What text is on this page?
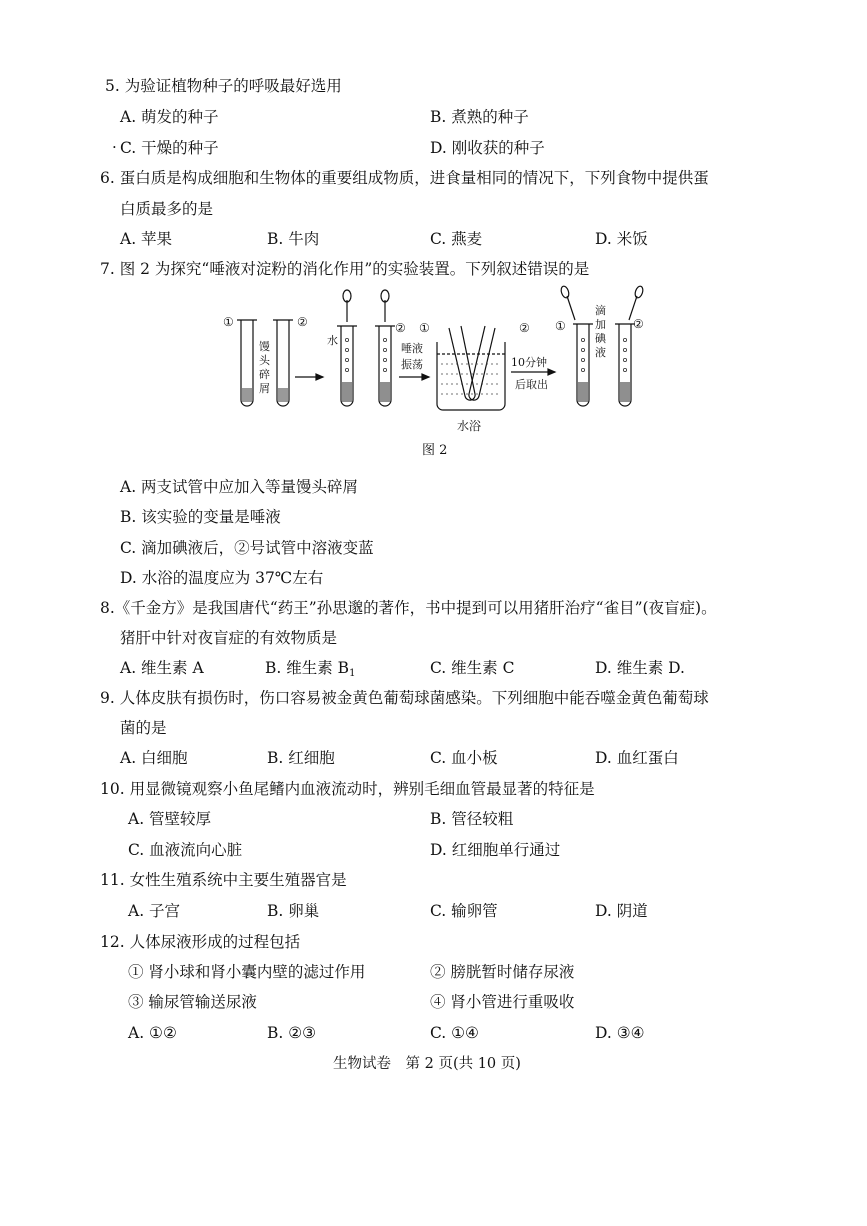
5. 为验证植物种子的呼吸最好选用
A. 萌发的种子	B. 煮熟的种子
· C. 干燥的种子	D. 刚收获的种子
6. 蛋白质是构成细胞和生物体的重要组成物质，进食量相同的情况下，下列食物中提供蛋
白质最多的是
A. 苹果	B. 牛肉	C. 燕麦	D. 米饭
7. 图 2 为探究“唾液对淀粉的消化作用”的实验装置。下列叙述错误的是
①	②
馒
头
碎
屑
水
②
唾液
振荡
①	②
10分钟
后取出
水浴
①	②
滴
加
碘
液
图 2
A. 两支试管中应加入等量馒头碎屑
B. 该实验的变量是唾液
C. 滴加碘液后，②号试管中溶液变蓝
D. 水浴的温度应为 37℃左右
8.《千金方》是我国唐代“药王”孙思邈的著作，书中提到可以用猪肝治疗“雀目”(夜盲症)。
猪肝中针对夜盲症的有效物质是
A. 维生素 A	B. 维生素 $B_1$	C. 维生素 C	D. 维生素 D.
9. 人体皮肤有损伤时，伤口容易被金黄色葡萄球菌感染。下列细胞中能吞噬金黄色葡萄球
菌的是
A. 白细胞	B. 红细胞	C. 血小板	D. 血红蛋白
10. 用显微镜观察小鱼尾鳍内血液流动时，辨别毛细血管最显著的特征是
A. 管壁较厚	B. 管径较粗
C. 血液流向心脏	D. 红细胞单行通过
11. 女性生殖系统中主要生殖器官是
A. 子宫	B. 卵巢	C. 输卵管	D. 阴道
12. 人体尿液形成的过程包括
① 肾小球和肾小囊内壁的滤过作用	② 膀胱暂时储存尿液
③ 输尿管输送尿液	④ 肾小管进行重吸收
A. ①②	B. ②③	C. ①④	D. ③④
生物试卷　第 2 页(共 10 页)
